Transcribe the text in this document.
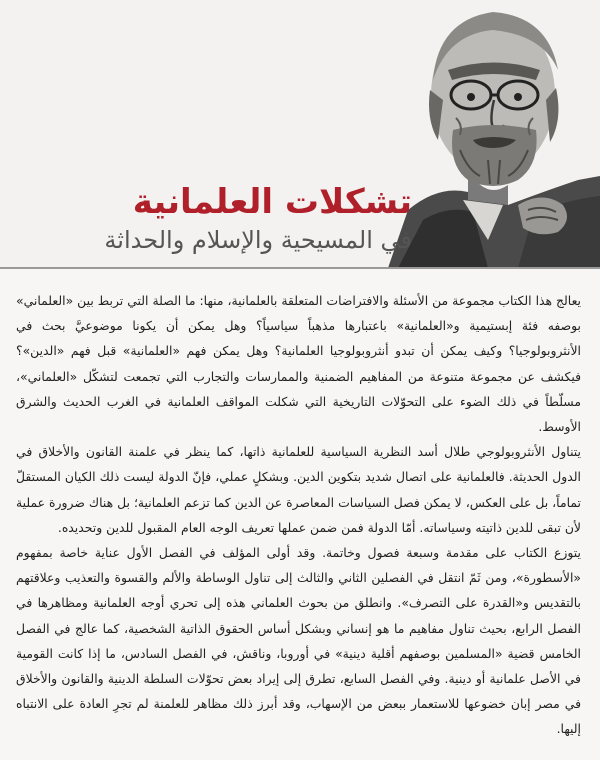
تشكلات العلمانية
في المسيحية والإسلام والحداثة

يعالج هذا الكتاب مجموعة من الأسئلة والافتراضات المتعلقة بالعلمانية، منها: ما الصلة التي تربط بين «العلماني» بوصفه فئة إبستيمية و«العلمانية» باعتبارها مذهباً سياسياً؟ وهل يمكن أن يكونا موضوعيَّ بحث في الأنثروبولوجيا؟ وكيف يمكن أن تبدو أنثروبولوجيا العلمانية؟ وهل يمكن فهم «العلمانية» قبل فهم «الدين»؟ فيكشف عن مجموعة متنوعة من المفاهيم الضمنية والممارسات والتجارب التي تجمعت لتشكّل «العلماني»، مسلّطاً في ذلك الضوء على التحوّلات التاريخية التي شكلت المواقف العلمانية في الغرب الحديث والشرق الأوسط.

يتناول الأنثروبولوجي طلال أسد النظرية السياسية للعلمانية ذاتها، كما ينظر في علمنة القانون والأخلاق في الدول الحديثة. فالعلمانية على اتصال شديد بتكوين الدين. وبشكلٍ عملي، فإنّ الدولة ليست ذلك الكيان المستقلّ تماماً، بل على العكس، لا يمكن فصل السياسات المعاصرة عن الدين كما تزعم العلمانية؛ بل هناك ضرورة عملية لأن تبقى للدين ذاتيته وسياساته. أمّا الدولة فمن ضمن عملها تعريف الوجه العام المقبول للدين وتحديده.

يتوزع الكتاب على مقدمة وسبعة فصول وخاتمة. وقد أولى المؤلف في الفصل الأول عناية خاصة بمفهوم «الأسطورة»، ومن ثَمّ انتقل في الفصلين الثاني والثالث إلى تناول الوساطة والألم والقسوة والتعذيب وعلاقتهم بالتقديس و«القدرة على التصرف». وانطلق من بحوث العلماني هذه إلى تحري أوجه العلمانية ومظاهرها في الفصل الرابع، بحيث تناول مفاهيم ما هو إنساني وبشكل أساس الحقوق الذاتية الشخصية، كما عالج في الفصل الخامس قضية «المسلمين بوصفهم أقلية دينية» في أوروبا، وناقش، في الفصل السادس، ما إذا كانت القومية في الأصل علمانية أو دينية. وفي الفصل السابع، تطرق إلى إيراد بعض تحوّلات السلطة الدينية والقانون والأخلاق في مصر إبان خضوعها للاستعمار ببعض من الإسهاب، وقد أبرز ذلك مظاهر للعلمنة لم تجرِ العادة على الانتباه إليها.
